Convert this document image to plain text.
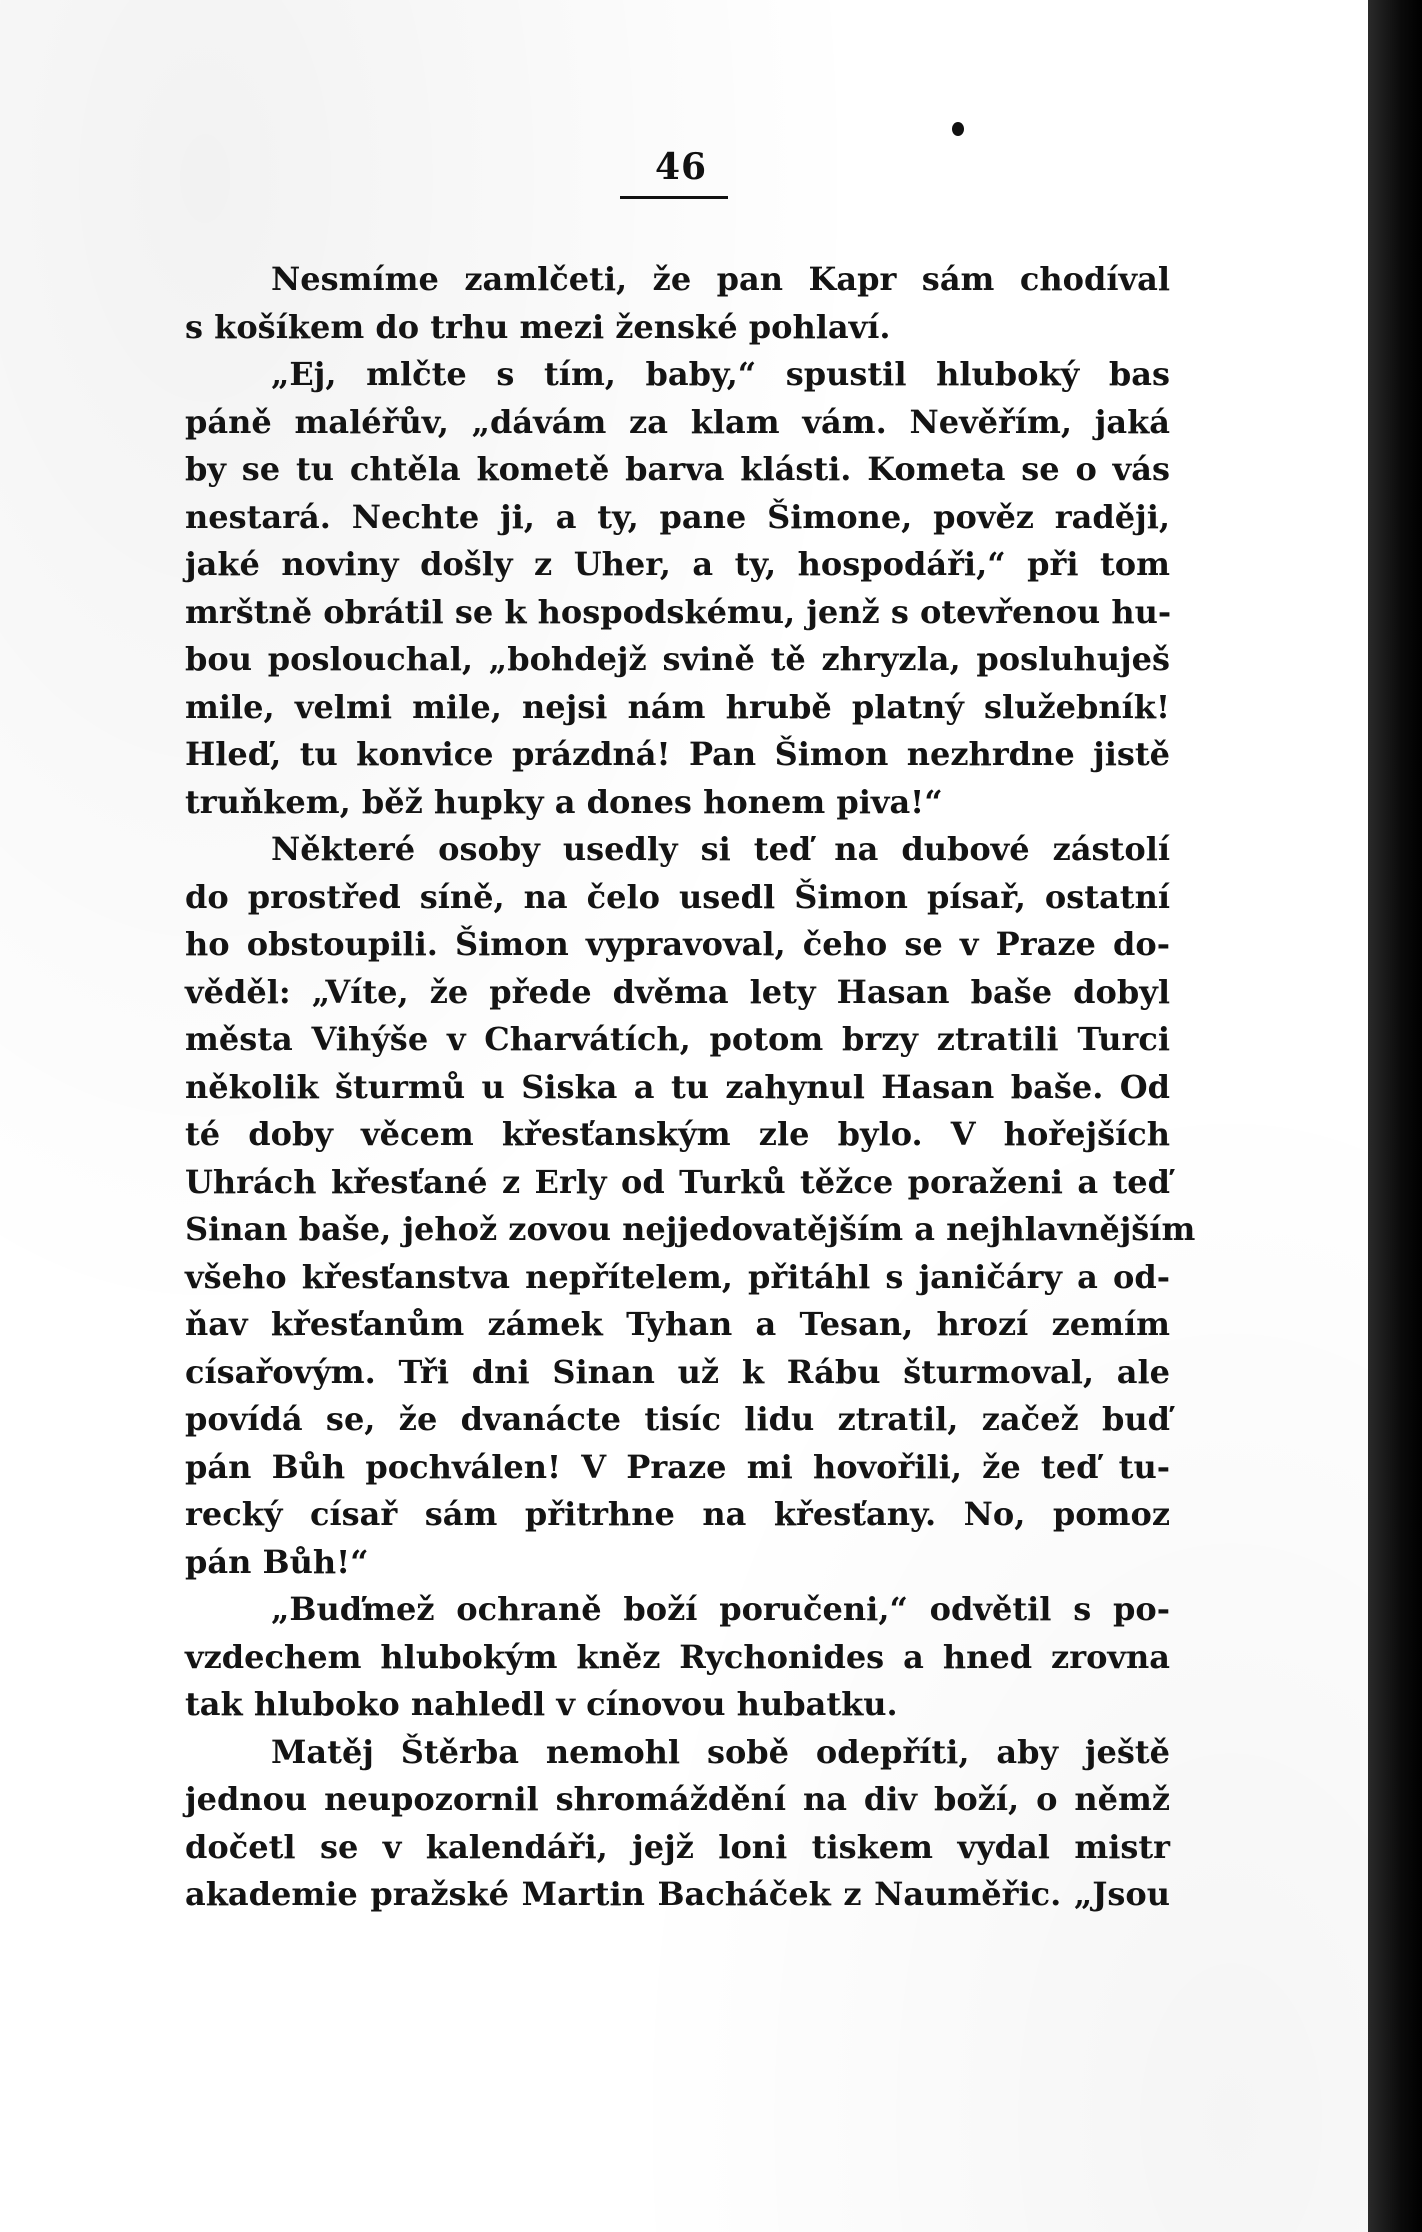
46
Nesmíme zamlčeti, že pan Kapr sám chodíval
s košíkem do trhu mezi ženské pohlaví.
„Ej, mlčte s tím, baby,“ spustil hluboký bas
páně maléřův, „dávám za klam vám. Nevěřím, jaká
by se tu chtěla kometě barva klásti. Kometa se o vás
nestará. Nechte ji, a ty, pane Šimone, pověz raději,
jaké noviny došly z Uher, a ty, hospodáři,“ při tom
mrštně obrátil se k hospodskému, jenž s otevřenou hu-
bou poslouchal, „bohdejž svině tě zhryzla, posluhuješ
mile, velmi mile, nejsi nám hrubě platný služebník!
Hleď, tu konvice prázdná! Pan Šimon nezhrdne jistě
truňkem, běž hupky a dones honem piva!“
Některé osoby usedly si teď na dubové zástolí
do prostřed síně, na čelo usedl Šimon písař, ostatní
ho obstoupili. Šimon vypravoval, čeho se v Praze do-
věděl: „Víte, že přede dvěma lety Hasan baše dobyl
města Vihýše v Charvátích, potom brzy ztratili Turci
několik šturmů u Siska a tu zahynul Hasan baše. Od
té doby věcem křesťanským zle bylo. V hořejších
Uhrách křesťané z Erly od Turků těžce poraženi a teď
Sinan baše, jehož zovou nejjedovatějším a nejhlavnějším
všeho křesťanstva nepřítelem, přitáhl s janičáry a od-
ňav křesťanům zámek Tyhan a Tesan, hrozí zemím
císařovým. Tři dni Sinan už k Rábu šturmoval, ale
povídá se, že dvanácte tisíc lidu ztratil, začež buď
pán Bůh pochválen! V Praze mi hovořili, že teď tu-
recký císař sám přitrhne na křesťany. No, pomoz
pán Bůh!“
„Buďmež ochraně boží poručeni,“ odvětil s po-
vzdechem hlubokým kněz Rychonides a hned zrovna
tak hluboko nahledl v cínovou hubatku.
Matěj Štěrba nemohl sobě odepříti, aby ještě
jednou neupozornil shromáždění na div boží, o němž
dočetl se v kalendáři, jejž loni tiskem vydal mistr
akademie pražské Martin Bacháček z Nauměřic. „Jsou
